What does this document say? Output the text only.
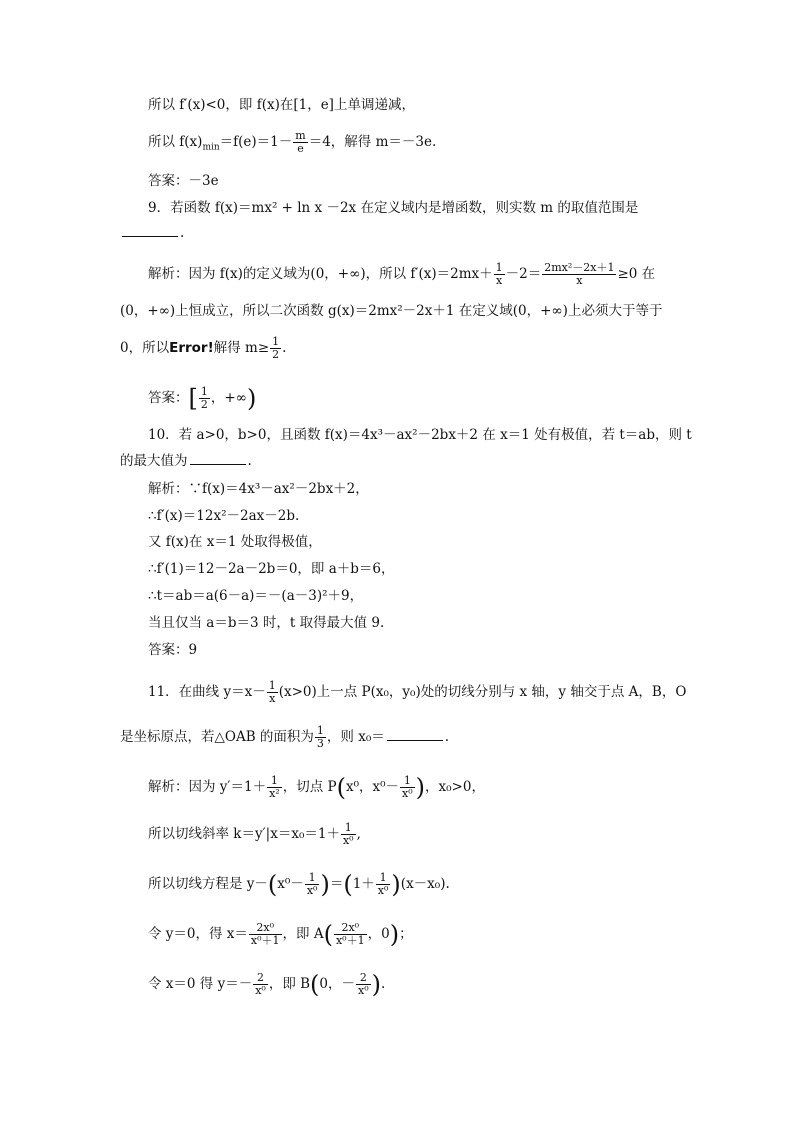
所以 f′(x)<0，即 f(x)在[1，e]上单调递减，
所以 $f(x)_{min}=f(e)=1- \frac{m}{e} =4$，解得 m＝－3e.
答案：－3e
9．若函数 f(x)＝mx² + ln x －2x 在定义域内是增函数，则实数 m 的取值范围是
.
解析：因为 f(x)的定义域为(0，+∞)，所以 $f'(x)=2mx+ \frac{1}{x} -2= \frac{\text{2mx²－2x＋1}}{x} \ge 0$ 在
(0，+∞)上恒成立，所以二次函数 g(x)＝2mx²－2x＋1 在定义域(0，+∞)上必须大于等于
0，所以Error!解得 $m\ge \frac{1}{2}$ .
答案：[ $\frac{1}{2}$ ，+∞)
10．若 a>0，b>0，且函数 f(x)＝4x³－ax²－2bx＋2 在 x＝1 处有极值，若 t＝ab，则 t
的最大值为	.
解析：∵f(x)＝4x³－ax²－2bx＋2，
∴f′(x)＝12x²－2ax－2b.
又 f(x)在 x＝1 处取得极值，
∴f′(1)＝12－2a－2b＝0，即 a＋b＝6，
∴t＝ab＝a(6－a)＝－(a－3)²＋9，
当且仅当 a＝b＝3 时，t 取得最大值 9.
答案：9
11．在曲线 $y=x- \frac{1}{x} (x>0)$上一点 P(x₀，y₀)处的切线分别与 x 轴，y 轴交于点 A，B，O
是坐标原点，若△OAB 的面积为 $\frac{1}{3}$ ，则 x₀＝	.
解析：因为 $y'=1+ \frac{1}{\text{x²}}$ ，切点 P(x⁰，$x^0- \frac{1}{\text{x⁰}}$ )，x₀>0，
所以切线斜率 $k=y'|x=x_0=1+ \frac{1}{\text{x⁰}}$ ,
所以切线方程是 $y-(x^0- \frac{1}{\text{x⁰}} )=(1+ \frac{1}{\text{x⁰}} )(x-x_0)$.
令 y＝0，得 $x= \frac{\text{2x⁰}}{\text{x⁰＋1}}$ ，即 $A( \frac{\text{2x⁰}}{\text{x⁰＋1}}$ ，0)；
令 x＝0 得 $y=- \frac{2}{\text{x⁰}}$ ，即 B(0，－ $\frac{2}{\text{x⁰}}$ ).
